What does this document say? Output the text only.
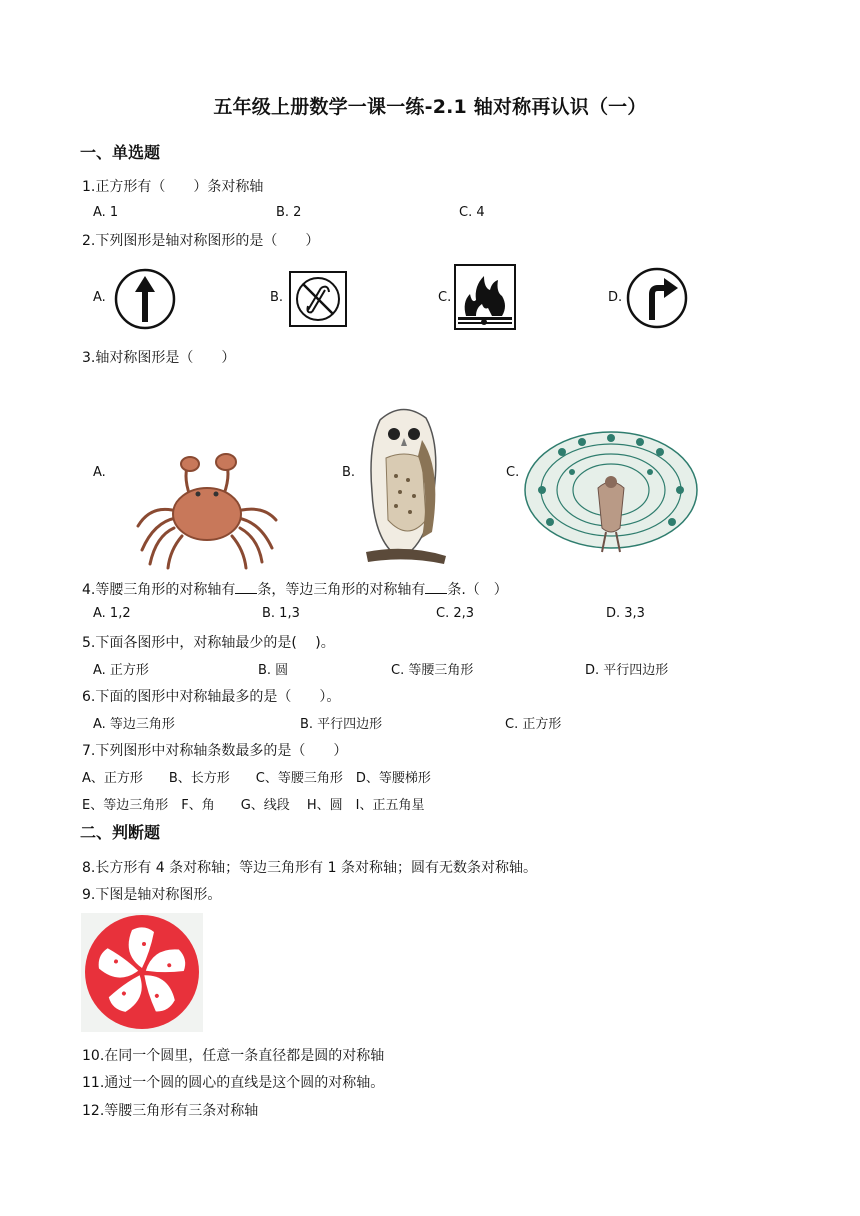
五年级上册数学一课一练-2.1 轴对称再认识（一）
一、单选题
1.正方形有（　　）条对称轴
A. 1	B. 2	C. 4
2.下列图形是轴对称图形的是（　　）
A.	B.	C.	D.
3.轴对称图形是（　　）
A.	B.	C.
4.等腰三角形的对称轴有 条，等边三角形的对称轴有 条.（　）
A. 1,2	B. 1,3	C. 2,3	D. 3,3
5.下面各图形中，对称轴最少的是(　 )。
A. 正方形	B. 圆	C. 等腰三角形	D. 平行四边形
6.下面的图形中对称轴最多的是（　　）。
A. 等边三角形	B. 平行四边形	C. 正方形
7.下列图形中对称轴条数最多的是（　　）
A、正方形　　B、长方形　　C、等腰三角形　D、等腰梯形
E、等边三角形　F、角　　G、线段　 H、圆　I、正五角星
二、判断题
8.长方形有 4 条对称轴；等边三角形有 1 条对称轴；圆有无数条对称轴。
9.下图是轴对称图形。
10.在同一个圆里，任意一条直径都是圆的对称轴
11.通过一个圆的圆心的直线是这个圆的对称轴。
12.等腰三角形有三条对称轴
